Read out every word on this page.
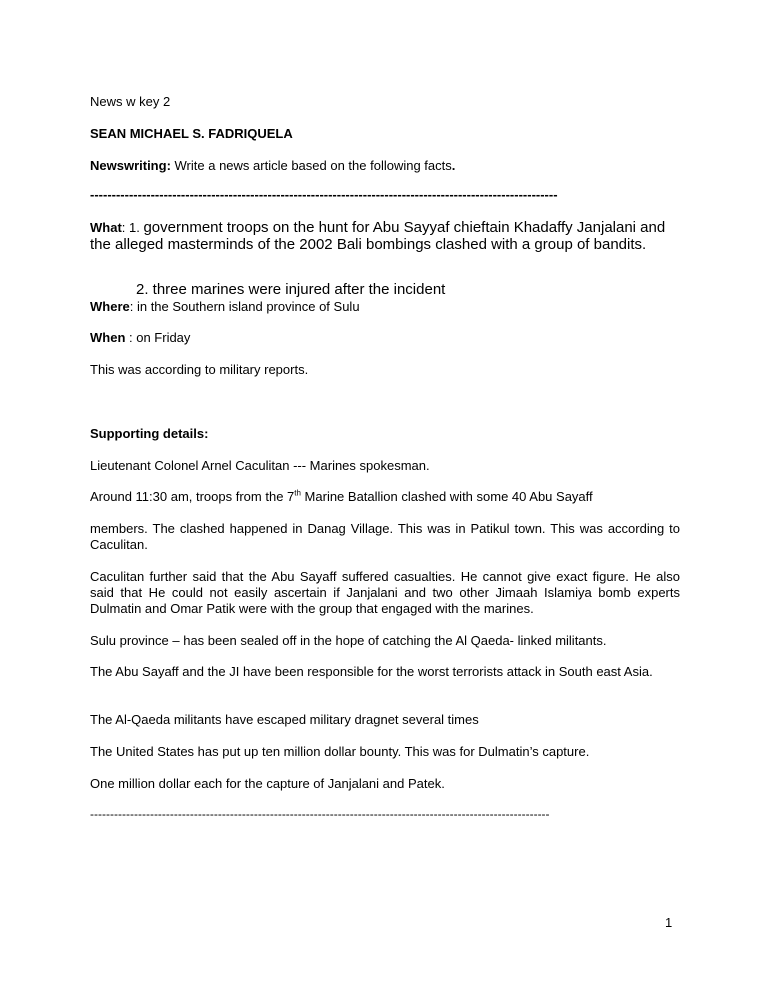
News w key 2
SEAN MICHAEL S. FADRIQUELA
Newswriting: Write a news article based on the following facts.
------------------------------------------------------------------------------------------------------------
What: 1. government troops on the hunt for Abu Sayyaf chieftain Khadaffy Janjalani and the alleged masterminds of the 2002 Bali bombings clashed with a group of bandits.
2. three marines were injured after the incident
Where: in the Southern island province of Sulu
When : on Friday
This was according to military reports.
Supporting details:
Lieutenant Colonel Arnel Caculitan --- Marines spokesman.
Around 11:30 am, troops from the 7th Marine Batallion clashed with some 40 Abu Sayaff
members. The clashed happened in Danag Village. This was in Patikul town. This was according to Caculitan.
Caculitan further said that the Abu Sayaff suffered casualties. He cannot give exact figure. He also said that He could not easily ascertain if Janjalani and two other Jimaah Islamiya bomb experts Dulmatin and Omar Patik were with the group that engaged with the marines.
Sulu province – has been sealed off in the hope of catching the Al Qaeda- linked militants.
The Abu Sayaff and the JI have been responsible for the worst terrorists attack in South east Asia.
The Al-Qaeda militants have escaped military dragnet several times
The United States has put up ten million dollar bounty. This was for Dulmatin’s capture.
One million dollar each for the capture of Janjalani and Patek.
-------------------------------------------------------------------------------------------------------------------
1
